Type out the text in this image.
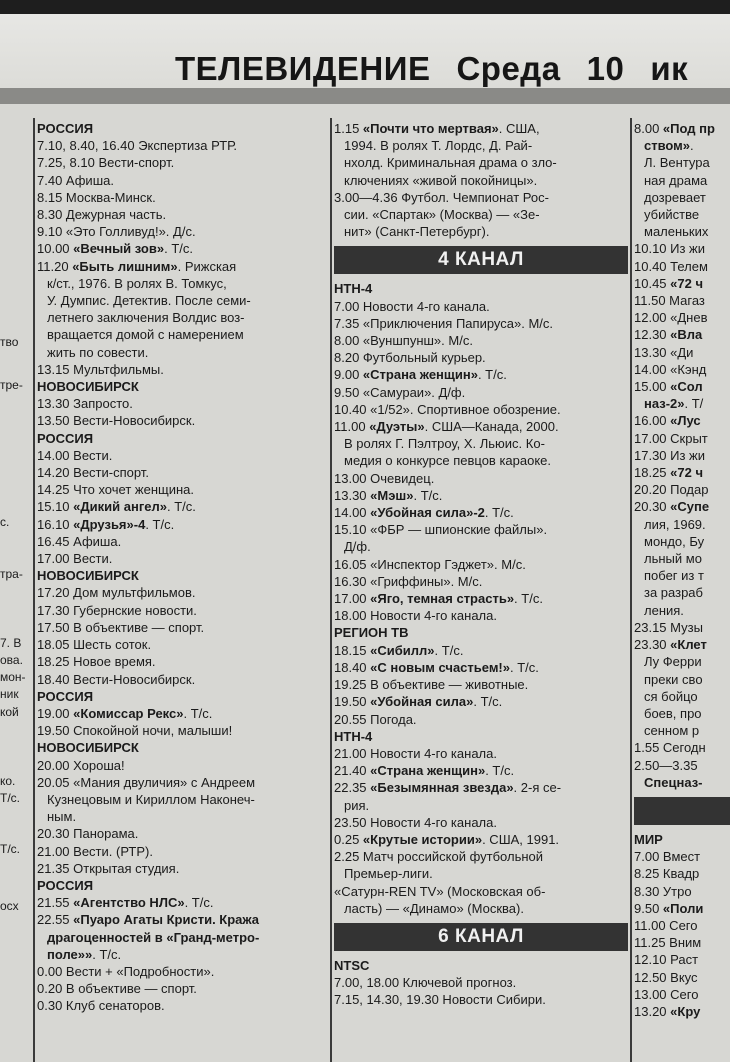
ТЕЛЕВИДЕНИЕ Среда 10 ик
тво
тре-
с.
тра-
7. В
ова.
мон-
ник
кой
ко.
Т/с.
Т/с.
осх
РОССИЯ
7.10, 8.40, 16.40 Экспертиза РТР.
7.25, 8.10 Вести-спорт.
7.40 Афиша.
8.15 Москва-Минск.
8.30 Дежурная часть.
9.10 «Это Голливуд!». Д/с.
10.00 «Вечный зов». Т/с.
11.20 «Быть лишним». Рижская
к/ст., 1976. В ролях В. Томкус,
У. Думпис. Детектив. После семи-
летнего заключения Волдис воз-
вращается домой с намерением
жить по совести.
13.15 Мультфильмы.
НОВОСИБИРСК
13.30 Запросто.
13.50 Вести-Новосибирск.
РОССИЯ
14.00 Вести.
14.20 Вести-спорт.
14.25 Что хочет женщина.
15.10 «Дикий ангел». Т/с.
16.10 «Друзья»-4. Т/с.
16.45 Афиша.
17.00 Вести.
НОВОСИБИРСК
17.20 Дом мультфильмов.
17.30 Губернские новости.
17.50 В объективе — спорт.
18.05 Шесть соток.
18.25 Новое время.
18.40 Вести-Новосибирск.
РОССИЯ
19.00 «Комиссар Рекс». Т/с.
19.50 Спокойной ночи, малыши!
НОВОСИБИРСК
20.00 Хороша!
20.05 «Мания двуличия» с Андреем
Кузнецовым и Кириллом Наконеч-
ным.
20.30 Панорама.
21.00 Вести. (РТР).
21.35 Открытая студия.
РОССИЯ
21.55 «Агентство НЛС». Т/с.
22.55 «Пуаро Агаты Кристи. Кража
драгоценностей в «Гранд-метро-
поле»». Т/с.
0.00 Вести + «Подробности».
0.20 В объективе — спорт.
0.30 Клуб сенаторов.
1.15 «Почти что мертвая». США,
1994. В ролях Т. Лордс, Д. Рай-
нхолд. Криминальная драма о зло-
ключениях «живой покойницы».
3.00—4.36 Футбол. Чемпионат Рос-
сии. «Спартак» (Москва) — «Зе-
нит» (Санкт-Петербург).
4 КАНАЛ
НТН-4
7.00 Новости 4-го канала.
7.35 «Приключения Папируса». М/с.
8.00 «Вуншпунш». М/с.
8.20 Футбольный курьер.
9.00 «Страна женщин». Т/с.
9.50 «Самураи». Д/ф.
10.40 «1/52». Спортивное обозрение.
11.00 «Дуэты». США—Канада, 2000.
В ролях Г. Пэлтроу, Х. Льюис. Ко-
медия о конкурсе певцов караоке.
13.00 Очевидец.
13.30 «Мэш». Т/с.
14.00 «Убойная сила»-2. Т/с.
15.10 «ФБР — шпионские файлы».
Д/ф.
16.05 «Инспектор Гэджет». М/с.
16.30 «Гриффины». М/с.
17.00 «Яго, темная страсть». Т/с.
18.00 Новости 4-го канала.
РЕГИОН ТВ
18.15 «Сибилл». Т/с.
18.40 «С новым счастьем!». Т/с.
19.25 В объективе — животные.
19.50 «Убойная сила». Т/с.
20.55 Погода.
НТН-4
21.00 Новости 4-го канала.
21.40 «Страна женщин». Т/с.
22.35 «Безымянная звезда». 2-я се-
рия.
23.50 Новости 4-го канала.
0.25 «Крутые истории». США, 1991.
2.25 Матч российской футбольной
Премьер-лиги.
«Сатурн-REN TV» (Московская об-
ласть) — «Динамо» (Москва).
6 КАНАЛ
NTSC
7.00, 18.00 Ключевой прогноз.
7.15, 14.30, 19.30 Новости Сибири.
8.00 «Под пр
ством».
Л. Вентура
ная драма
дозревает
убийстве
маленьких
10.10 Из жи
10.40 Телем
10.45 «72 ч
11.50 Магаз
12.00 «Днев
12.30 «Вла
13.30 «Ди
14.00 «Кэнд
15.00 «Сол
наз-2». Т/
16.00 «Лус
17.00 Скрыт
17.30 Из жи
18.25 «72 ч
20.20 Подар
20.30 «Супе
лия, 1969.
мондо, Бу
льный мо
побег из т
за разраб
ления.
23.15 Музы
23.30 «Клет
Лу Ферри
преки сво
ся бойцо
боев, про
сенном р
1.55 Сегодн
2.50—3.35
Спецназ-
МИР
7.00 Вмест
8.25 Квадр
8.30 Утро
9.50 «Поли
11.00 Сего
11.25 Вним
12.10 Раст
12.50 Вкус
13.00 Сего
13.20 «Кру
